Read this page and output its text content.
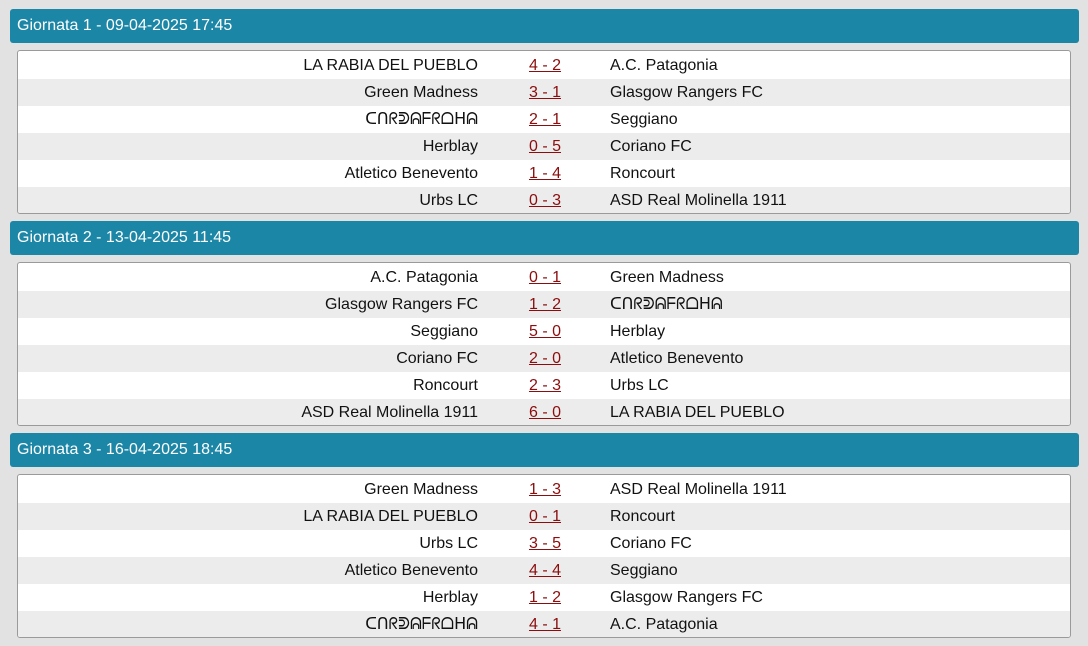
Giornata 1 - 09-04-2025 17:45
LA RABIA DEL PUEBLO	4 - 2	A.C. Patagonia
Green Madness	3 - 1	Glasgow Rangers FC
ᑕᑎᖇᕲᕱᖴᖇᗝᕼᕱ	2 - 1	Seggiano
Herblay	0 - 5	Coriano FC
Atletico Benevento	1 - 4	Roncourt
Urbs LC	0 - 3	ASD Real Molinella 1911
Giornata 2 - 13-04-2025 11:45
A.C. Patagonia	0 - 1	Green Madness
Glasgow Rangers FC	1 - 2	ᑕᑎᖇᕲᕱᖴᖇᗝᕼᕱ
Seggiano	5 - 0	Herblay
Coriano FC	2 - 0	Atletico Benevento
Roncourt	2 - 3	Urbs LC
ASD Real Molinella 1911	6 - 0	LA RABIA DEL PUEBLO
Giornata 3 - 16-04-2025 18:45
Green Madness	1 - 3	ASD Real Molinella 1911
LA RABIA DEL PUEBLO	0 - 1	Roncourt
Urbs LC	3 - 5	Coriano FC
Atletico Benevento	4 - 4	Seggiano
Herblay	1 - 2	Glasgow Rangers FC
ᑕᑎᖇᕲᕱᖴᖇᗝᕼᕱ	4 - 1	A.C. Patagonia
